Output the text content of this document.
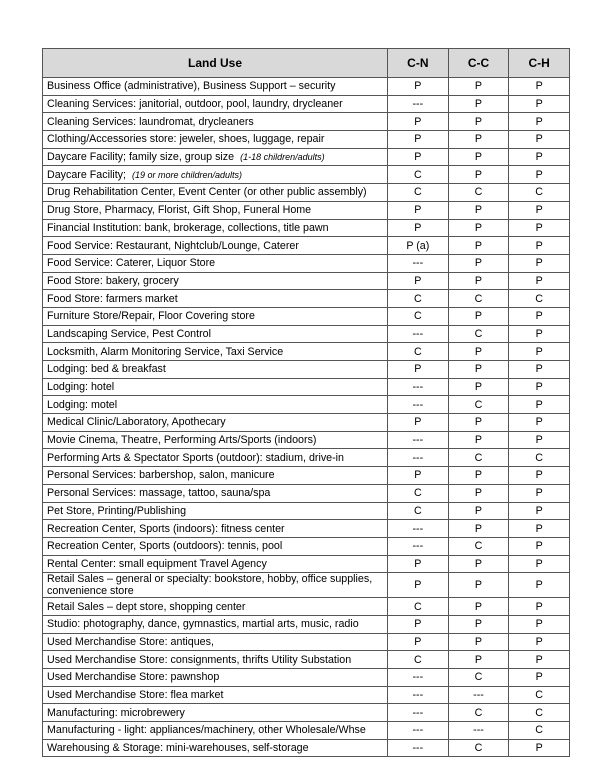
Land Use	C-N	C-C	C-H
Business Office (administrative), Business Support – security	P	P	P
Cleaning Services: janitorial, outdoor, pool, laundry, drycleaner	---	P	P
Cleaning Services: laundromat, drycleaners	P	P	P
Clothing/Accessories store: jeweler, shoes, luggage, repair	P	P	P
Daycare Facility; family size, group size (1-18 children/adults)	P	P	P
Daycare Facility; (19 or more children/adults)	C	P	P
Drug Rehabilitation Center, Event Center (or other public assembly)	C	C	C
Drug Store, Pharmacy, Florist, Gift Shop, Funeral Home	P	P	P
Financial Institution: bank, brokerage, collections, title pawn	P	P	P
Food Service: Restaurant, Nightclub/Lounge, Caterer	P (a)	P	P
Food Service: Caterer, Liquor Store	---	P	P
Food Store: bakery, grocery	P	P	P
Food Store: farmers market	C	C	C
Furniture Store/Repair, Floor Covering store	C	P	P
Landscaping Service, Pest Control	---	C	P
Locksmith, Alarm Monitoring Service, Taxi Service	C	P	P
Lodging: bed & breakfast	P	P	P
Lodging: hotel	---	P	P
Lodging: motel	---	C	P
Medical Clinic/Laboratory, Apothecary	P	P	P
Movie Cinema, Theatre, Performing Arts/Sports (indoors)	---	P	P
Performing Arts & Spectator Sports (outdoor): stadium, drive-in	---	C	C
Personal Services: barbershop, salon, manicure	P	P	P
Personal Services: massage, tattoo, sauna/spa	C	P	P
Pet Store, Printing/Publishing	C	P	P
Recreation Center, Sports (indoors): fitness center	---	P	P
Recreation Center, Sports (outdoors): tennis, pool	---	C	P
Rental Center: small equipment Travel Agency	P	P	P
Retail Sales – general or specialty: bookstore, hobby, office supplies, convenience store	P	P	P
Retail Sales – dept store, shopping center	C	P	P
Studio: photography, dance, gymnastics, martial arts, music, radio	P	P	P
Used Merchandise Store: antiques,	P	P	P
Used Merchandise Store: consignments, thrifts Utility Substation	C	P	P
Used Merchandise Store: pawnshop	---	C	P
Used Merchandise Store: flea market	---	---	C
Manufacturing: microbrewery	---	C	C
Manufacturing - light: appliances/machinery, other Wholesale/Whse	---	---	C
Warehousing & Storage: mini-warehouses, self-storage	---	C	P
